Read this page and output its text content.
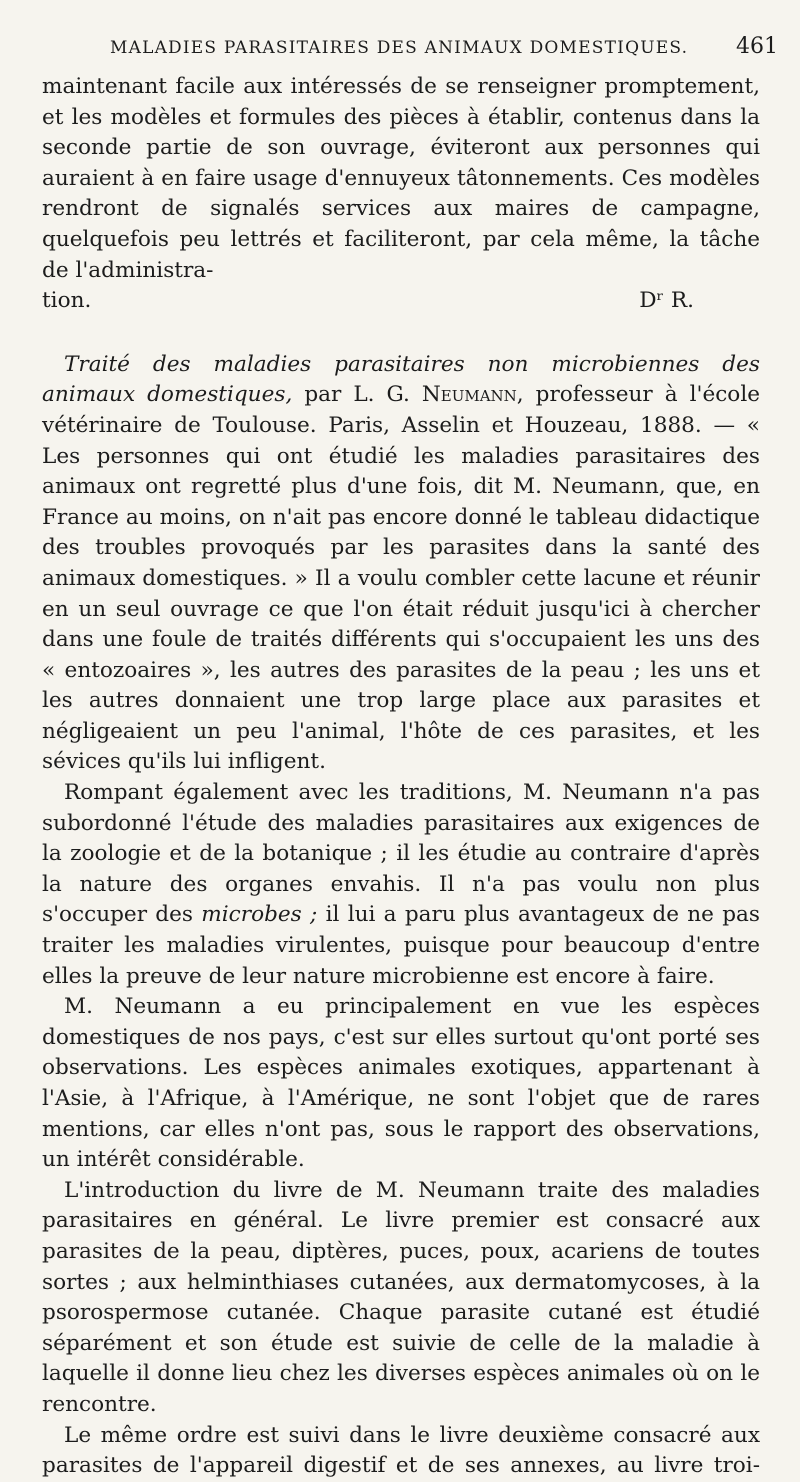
MALADIES PARASITAIRES DES ANIMAUX DOMESTIQUES. 461

maintenant facile aux intéressés de se renseigner promptement, et les modèles et formules des pièces à établir, contenus dans la seconde partie de son ouvrage, éviteront aux personnes qui auraient à en faire usage d'ennuyeux tâtonnements. Ces modèles rendront de signalés services aux maires de campagne, quelquefois peu lettrés et faciliteront, par cela même, la tâche de l'administra-

tion.	Dʳ R.

Traité des maladies parasitaires non microbiennes des animaux domestiques, par L. G. Neumann, professeur à l'école vétérinaire de Toulouse. Paris, Asselin et Houzeau, 1888. — « Les personnes qui ont étudié les maladies parasitaires des animaux ont regretté plus d'une fois, dit M. Neumann, que, en France au moins, on n'ait pas encore donné le tableau didactique des troubles provoqués par les parasites dans la santé des animaux domestiques. » Il a voulu combler cette lacune et réunir en un seul ouvrage ce que l'on était réduit jusqu'ici à chercher dans une foule de traités différents qui s'occupaient les uns des « entozoaires », les autres des parasites de la peau ; les uns et les autres donnaient une trop large place aux parasites et négligeaient un peu l'animal, l'hôte de ces parasites, et les sévices qu'ils lui infligent.

Rompant également avec les traditions, M. Neumann n'a pas subordonné l'étude des maladies parasitaires aux exigences de la zoologie et de la botanique ; il les étudie au contraire d'après la nature des organes envahis. Il n'a pas voulu non plus s'occuper des microbes ; il lui a paru plus avantageux de ne pas traiter les maladies virulentes, puisque pour beaucoup d'entre elles la preuve de leur nature microbienne est encore à faire.

M. Neumann a eu principalement en vue les espèces domestiques de nos pays, c'est sur elles surtout qu'ont porté ses observations. Les espèces animales exotiques, appartenant à l'Asie, à l'Afrique, à l'Amérique, ne sont l'objet que de rares mentions, car elles n'ont pas, sous le rapport des observations, un intérêt considérable.

L'introduction du livre de M. Neumann traite des maladies parasitaires en général. Le livre premier est consacré aux parasites de la peau, diptères, puces, poux, acariens de toutes sortes ; aux helminthiases cutanées, aux dermatomycoses, à la psorospermose cutanée. Chaque parasite cutané est étudié séparément et son étude est suivie de celle de la maladie à laquelle il donne lieu chez les diverses espèces animales où on le rencontre.

Le même ordre est suivi dans le livre deuxième consacré aux parasites de l'appareil digestif et de ses annexes, au livre troi-
